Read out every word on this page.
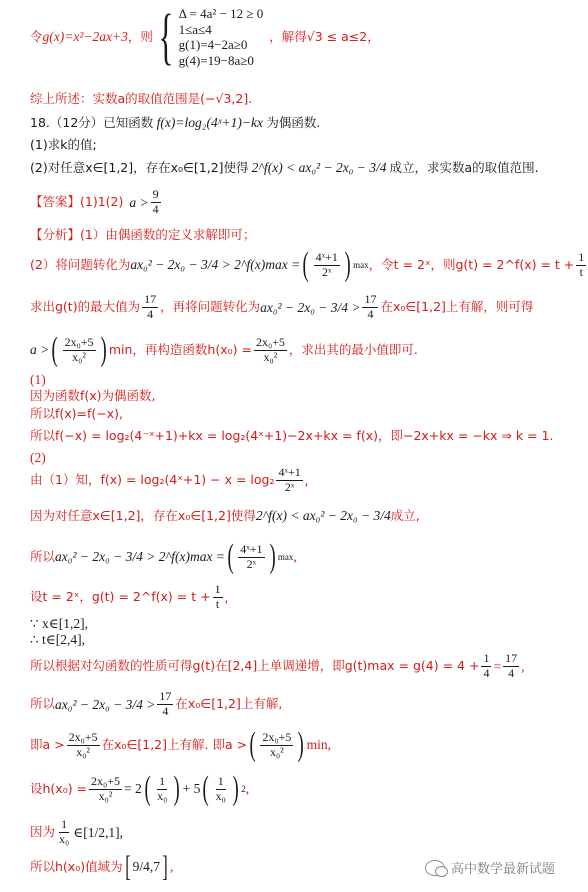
令 g(x)=x²−2ax+3 ，则 { Δ = 4a² − 12 ≥ 0
1≤a≤4
g(1)=4−2a≥0
g(4)=19−8a≥0
，解得√3 ≤ a≤2，
综上所述：实数a的取值范围是(−√3,2].
18.（12分）已知函数 f(x)=log₂(4ˣ+1)−kx 为偶函数.
(1)求k的值;
(2)对任意x∈[1,2]，存在x₀∈[1,2]使得 2^f(x) < ax₀² − 2x₀ − 3/4 成立，求实数a的取值范围.
【答案】(1)1(2) $a > \frac{9}{4}$
【分析】(1）由偶函数的定义求解即可；
(2）将问题转化为 ax₀² − 2x₀ − 3/4 > 2^f(x)max = ( $\frac{\text{4ˣ+1}}{\text{2ˣ}}$ ) max ，令t = 2ˣ，则g(t) = 2^f(x) = $t + \frac{1}{t}$
求出g(t)的最大值为 $\frac{17}{4}$ ，再将问题转化为 $ax_0^2 - 2x_0 - 3/4 > \frac{17}{4}$ 在x₀∈[1,2]上有解，则可得
a > ( $\frac{\text{2x₀+5}}{\text{x₀²}}$ ) min，再构造函数$h(x_0) = \frac{\text{2x₀+5}}{\text{x₀²}}$ ，求出其的最小值即可.
(1)
因为函数f(x)为偶函数,
所以f(x)=f(−x),
所以f(−x) = log₂(4⁻ˣ+1)+kx = log₂(4ˣ+1)−2x+kx = f(x)，即−2x+kx = −kx ⇒ k = 1.
(2)
由（1）知，f(x) = log₂(4ˣ+1) − $x = \log_2 \frac{\text{4ˣ+1}}{\text{2ˣ}}$ ,
因为对任意x∈[1,2]，存在x₀∈[1,2]使得 2^f(x) < ax₀² − 2x₀ − 3/4 成立,
所以 ax₀² − 2x₀ − 3/4 > 2^f(x)max = ( $\frac{\text{4ˣ+1}}{\text{2ˣ}}$ ) max ,
设t = 2ˣ，g(t) = 2^f(x) = $t + \frac{1}{t}$ ,
∵ x∈[1,2],
∴ t∈[2,4],
所以根据对勾函数的性质可得g(t)在[2,4]上单调递增，即$g(t)\max = g(4) = 4 + \frac{1}{4} = \frac{17}{4}$ ,
所以 $ax_0^2 - 2x_0 - 3/4 > \frac{17}{4}$ 在x₀∈[1,2]上有解,
即$a > \frac{\text{2x₀+5}}{\text{x₀²}}$ 在x₀∈[1,2]上有解. 即a > ( $\frac{\text{2x₀+5}}{\text{x₀²}}$ ) min,
设$h(x_0) = \frac{\text{2x₀+5}}{\text{x₀²}} = 2$ ( $\frac{1}{\text{x₀}}$ ) + 5 ( $\frac{1}{\text{x₀}}$ ) 2 ,
因为 $\frac{1}{\text{x₀}}$ ∈[1/2,1],
所以h(x₀)值域为 [ 9/4,7 ] ,	高中数学最新试题
